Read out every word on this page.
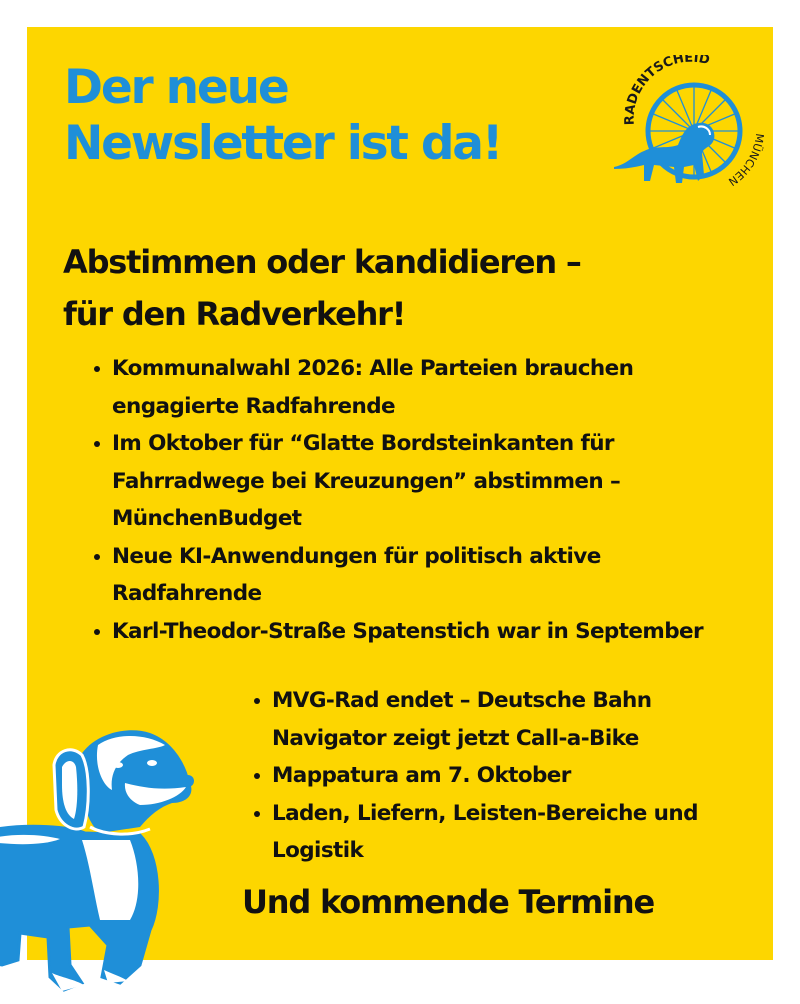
Der neue
Newsletter ist da!	RADENTSCHEID
MÜNCHEN
Abstimmen oder kandidieren –
für den Radverkehr!
Kommunalwahl 2026: Alle Parteien brauchen engagierte Radfahrende
Im Oktober für “Glatte Bordsteinkanten für Fahrradwege bei Kreuzungen” abstimmen – MünchenBudget
Neue KI-Anwendungen für politisch aktive Radfahrende
Karl-Theodor-Straße Spatenstich war in September
MVG-Rad endet – Deutsche Bahn Navigator zeigt jetzt Call-a-Bike
Mappatura am 7. Oktober
Laden, Liefern, Leisten-Bereiche und Logistik
Und kommende Termine
